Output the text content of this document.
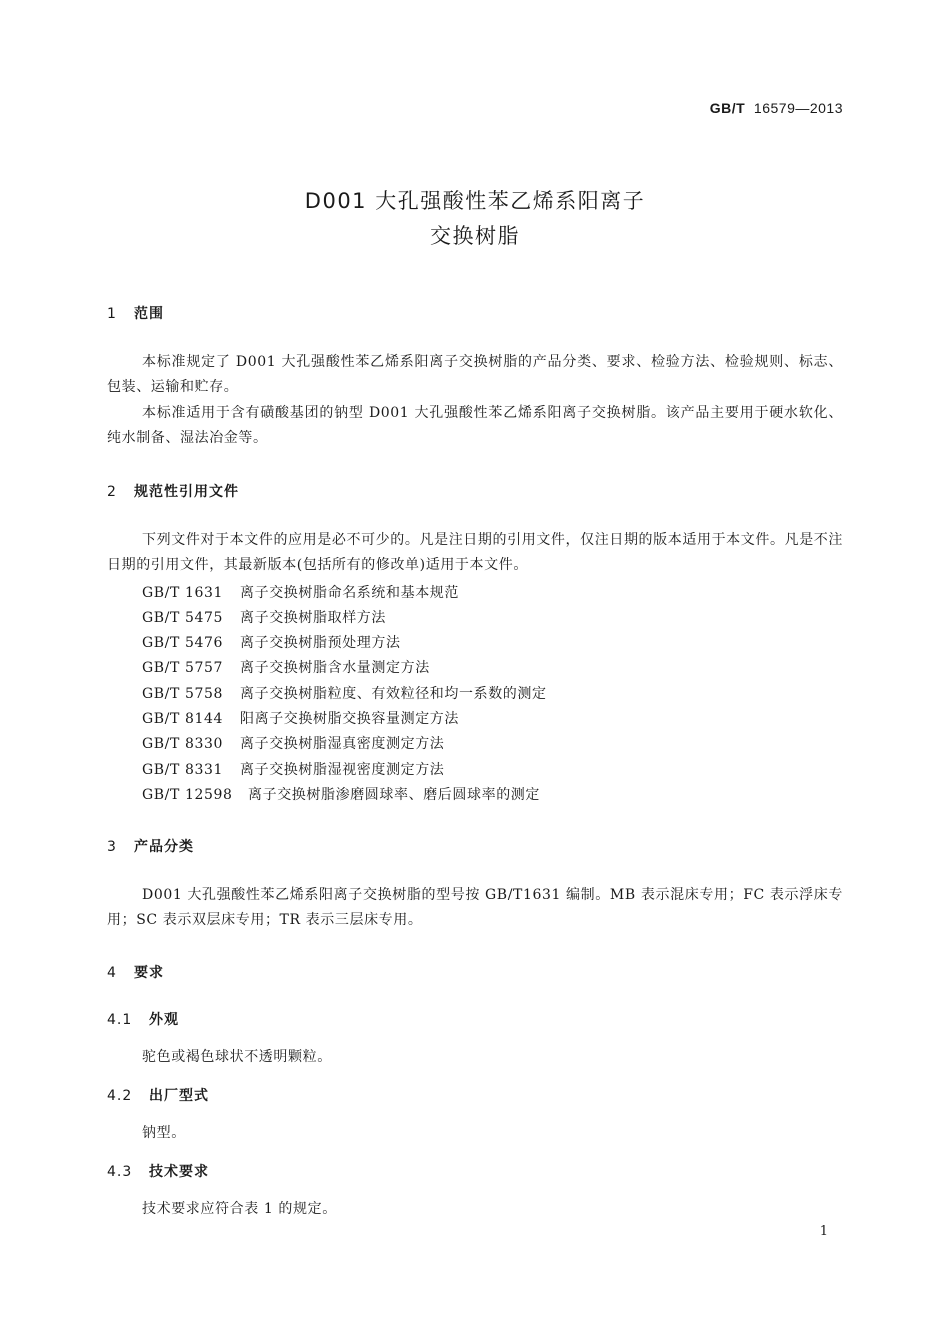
GB/T 16579—2013
D001 大孔强酸性苯乙烯系阳离子
交换树脂
1 范围
本标准规定了 D001 大孔强酸性苯乙烯系阳离子交换树脂的产品分类、要求、检验方法、检验规则、标志、包装、运输和贮存。
本标准适用于含有磺酸基团的钠型 D001 大孔强酸性苯乙烯系阳离子交换树脂。该产品主要用于硬水软化、纯水制备、湿法冶金等。
2 规范性引用文件
下列文件对于本文件的应用是必不可少的。凡是注日期的引用文件，仅注日期的版本适用于本文件。凡是不注日期的引用文件，其最新版本(包括所有的修改单)适用于本文件。
GB/T 1631 离子交换树脂命名系统和基本规范
GB/T 5475 离子交换树脂取样方法
GB/T 5476 离子交换树脂预处理方法
GB/T 5757 离子交换树脂含水量测定方法
GB/T 5758 离子交换树脂粒度、有效粒径和均一系数的测定
GB/T 8144 阳离子交换树脂交换容量测定方法
GB/T 8330 离子交换树脂湿真密度测定方法
GB/T 8331 离子交换树脂湿视密度测定方法
GB/T 12598 离子交换树脂渗磨圆球率、磨后圆球率的测定
3 产品分类
D001 大孔强酸性苯乙烯系阳离子交换树脂的型号按 GB/T1631 编制。MB 表示混床专用；FC 表示浮床专用；SC 表示双层床专用；TR 表示三层床专用。
4 要求
4.1 外观
驼色或褐色球状不透明颗粒。
4.2 出厂型式
钠型。
4.3 技术要求
技术要求应符合表 1 的规定。
1
